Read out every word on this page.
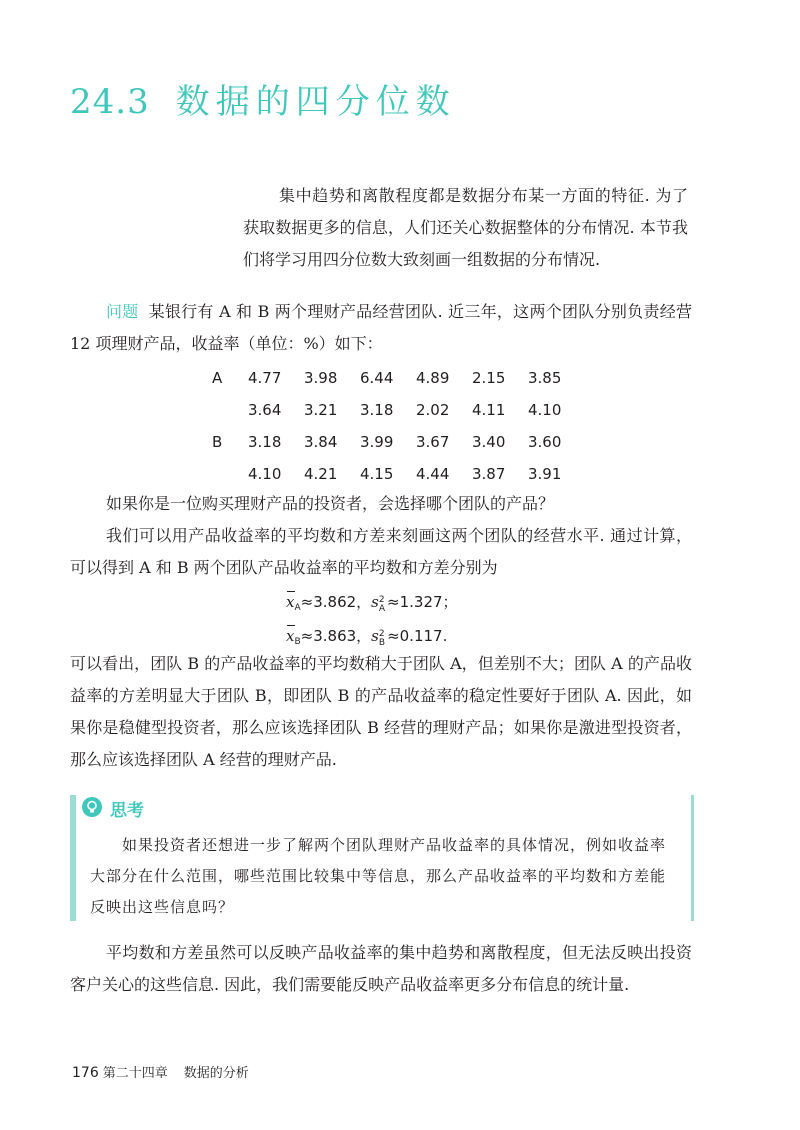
24.3 数据的四分位数
集中趋势和离散程度都是数据分布某一方面的特征. 为了获取数据更多的信息，人们还关心数据整体的分布情况. 本节我们将学习用四分位数大致刻画一组数据的分布情况.
问题 某银行有 A 和 B 两个理财产品经营团队. 近三年，这两个团队分别负责经营 12 项理财产品，收益率（单位：%）如下：
A	4.77	3.98	6.44	4.89	2.15	3.85
	3.64	3.21	3.18	2.02	4.11	4.10
B	3.18	3.84	3.99	3.67	3.40	3.60
	4.10	4.21	4.15	4.44	3.87	3.91
如果你是一位购买理财产品的投资者，会选择哪个团队的产品？
我们可以用产品收益率的平均数和方差来刻画这两个团队的经营水平. 通过计算，可以得到 A 和 B 两个团队产品收益率的平均数和方差分别为
$x_A\approx 3.862$，s2
A ≈1.327；
$x_B\approx 3.863$，s2
B ≈0.117.
可以看出，团队 B 的产品收益率的平均数稍大于团队 A，但差别不大；团队 A 的产品收益率的方差明显大于团队 B，即团队 B 的产品收益率的稳定性要好于团队 A. 因此，如果你是稳健型投资者，那么应该选择团队 B 经营的理财产品；如果你是激进型投资者，那么应该选择团队 A 经营的理财产品.
思考
如果投资者还想进一步了解两个团队理财产品收益率的具体情况，例如收益率大部分在什么范围，哪些范围比较集中等信息，那么产品收益率的平均数和方差能反映出这些信息吗？
平均数和方差虽然可以反映产品收益率的集中趋势和离散程度，但无法反映出投资客户关心的这些信息. 因此，我们需要能反映产品收益率更多分布信息的统计量.
176 第二十四章 数据的分析
